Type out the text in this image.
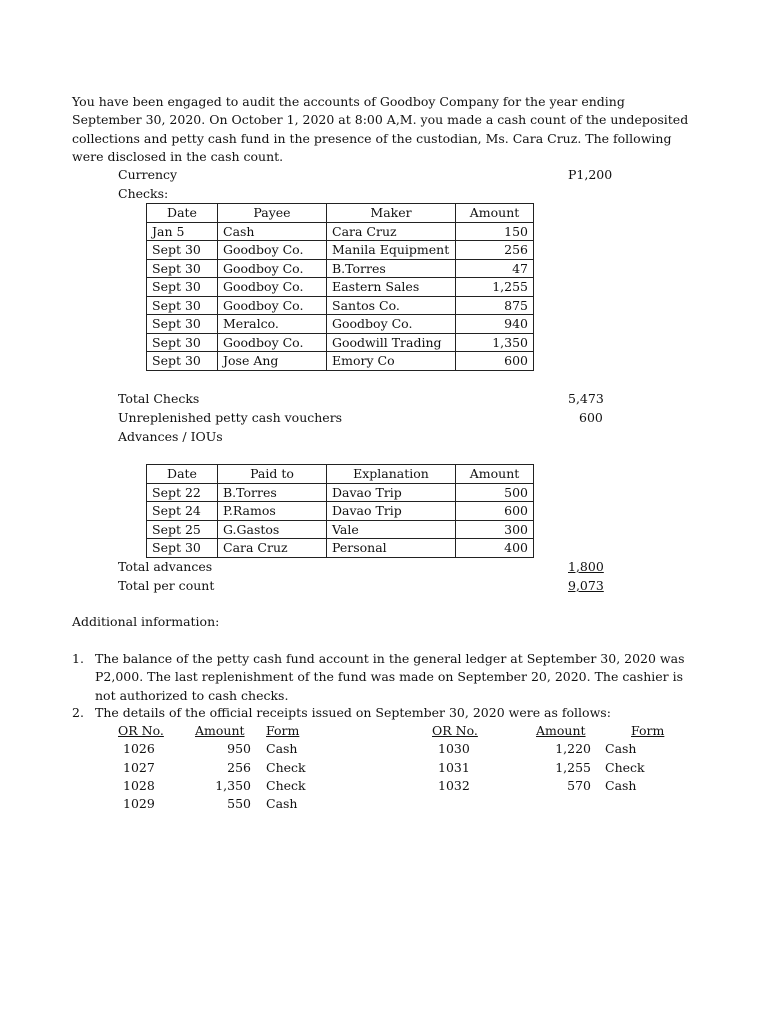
You have been engaged to audit the accounts of Goodboy Company for the year ending
September 30, 2020. On October 1, 2020 at 8:00 A,M. you made a cash count of the undeposited
collections and petty cash fund in the presence of the custodian, Ms. Cara Cruz. The following
were disclosed in the cash count.
Currency	P1,200
Checks:
Date	Payee	Maker	Amount
Jan 5	Cash	Cara Cruz	150
Sept 30	Goodboy Co.	Manila Equipment	256
Sept 30	Goodboy Co.	B.Torres	47
Sept 30	Goodboy Co.	Eastern Sales	1,255
Sept 30	Goodboy Co.	Santos Co.	875
Sept 30	Meralco.	Goodboy Co.	940
Sept 30	Goodboy Co.	Goodwill Trading	1,350
Sept 30	Jose Ang	Emory Co	600
Total Checks	5,473
Unreplenished petty cash vouchers	600
Advances / IOUs
Date	Paid to	Explanation	Amount
Sept 22	B.Torres	Davao Trip	500
Sept 24	P.Ramos	Davao Trip	600
Sept 25	G.Gastos	Vale	300
Sept 30	Cara Cruz	Personal	400
Total advances	1,800
Total per count	9,073
Additional information:
1. The balance of the petty cash fund account in the general ledger at September 30, 2020 was
P2,000. The last replenishment of the fund was made on September 20, 2020. The cashier is
not authorized to cash checks.
2. The details of the official receipts issued on September 30, 2020 were as follows:
OR No. Amount Form
1026	950 Cash
1027	256 Check
1028	1,350 Check
1029	550 Cash
OR No.	Amount	Form
1030	1,220 Cash
1031	1,255 Check
1032	570 Cash
